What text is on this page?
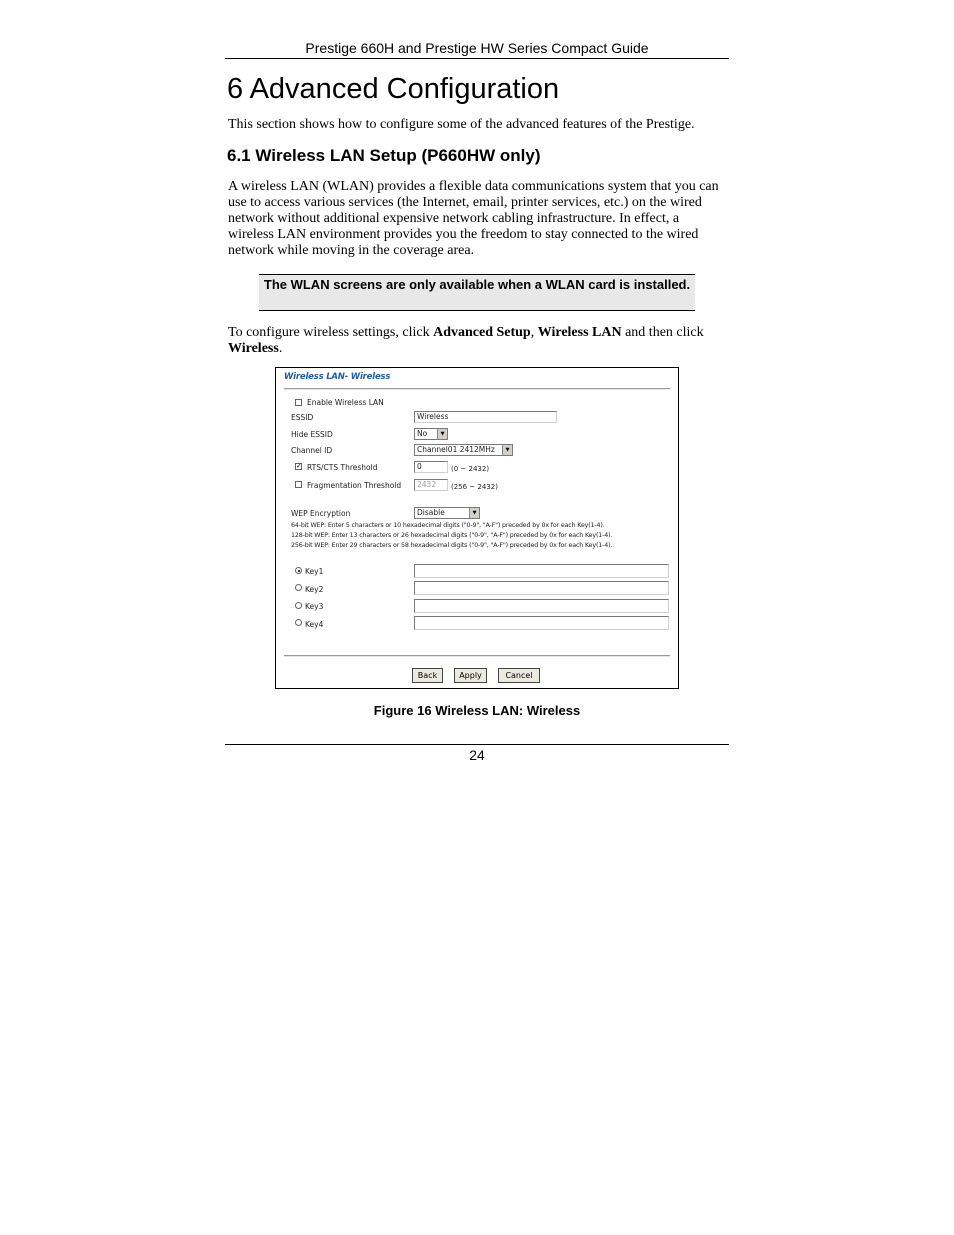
Prestige 660H and Prestige HW Series Compact Guide
6 Advanced Configuration

This section shows how to configure some of the advanced features of the Prestige.

6.1 Wireless LAN Setup (P660HW only)

A wireless LAN (WLAN) provides a flexible data communications system that you can use to access various services (the Internet, email, printer services, etc.) on the wired network without additional expensive network cabling infrastructure. In effect, a wireless LAN environment provides you the freedom to stay connected to the wired network while moving in the coverage area.

The WLAN screens are only available when a WLAN card is installed.

To configure wireless settings, click Advanced Setup, Wireless LAN and then click Wireless.

Wireless LAN- Wireless
Enable Wireless LAN
ESSID	Wireless
Hide ESSID	No	▼
Channel ID	Channel01 2412MHz	▼
✓ RTS/CTS Threshold	0	(0 ~ 2432)
Fragmentation Threshold	2432	(256 ~ 2432)
WEP Encryption	Disable	▼
64-bit WEP: Enter 5 characters or 10 hexadecimal digits ("0-9", "A-F") preceded by 0x for each Key(1-4).
128-bit WEP: Enter 13 characters or 26 hexadecimal digits ("0-9", "A-F") preceded by 0x for each Key(1-4).
256-bit WEP: Enter 29 characters or 58 hexadecimal digits ("0-9", "A-F") preceded by 0x for each Key(1-4).
Key1
Key2
Key3
Key4
Back	Apply	Cancel
Figure 16 Wireless LAN: Wireless
24
